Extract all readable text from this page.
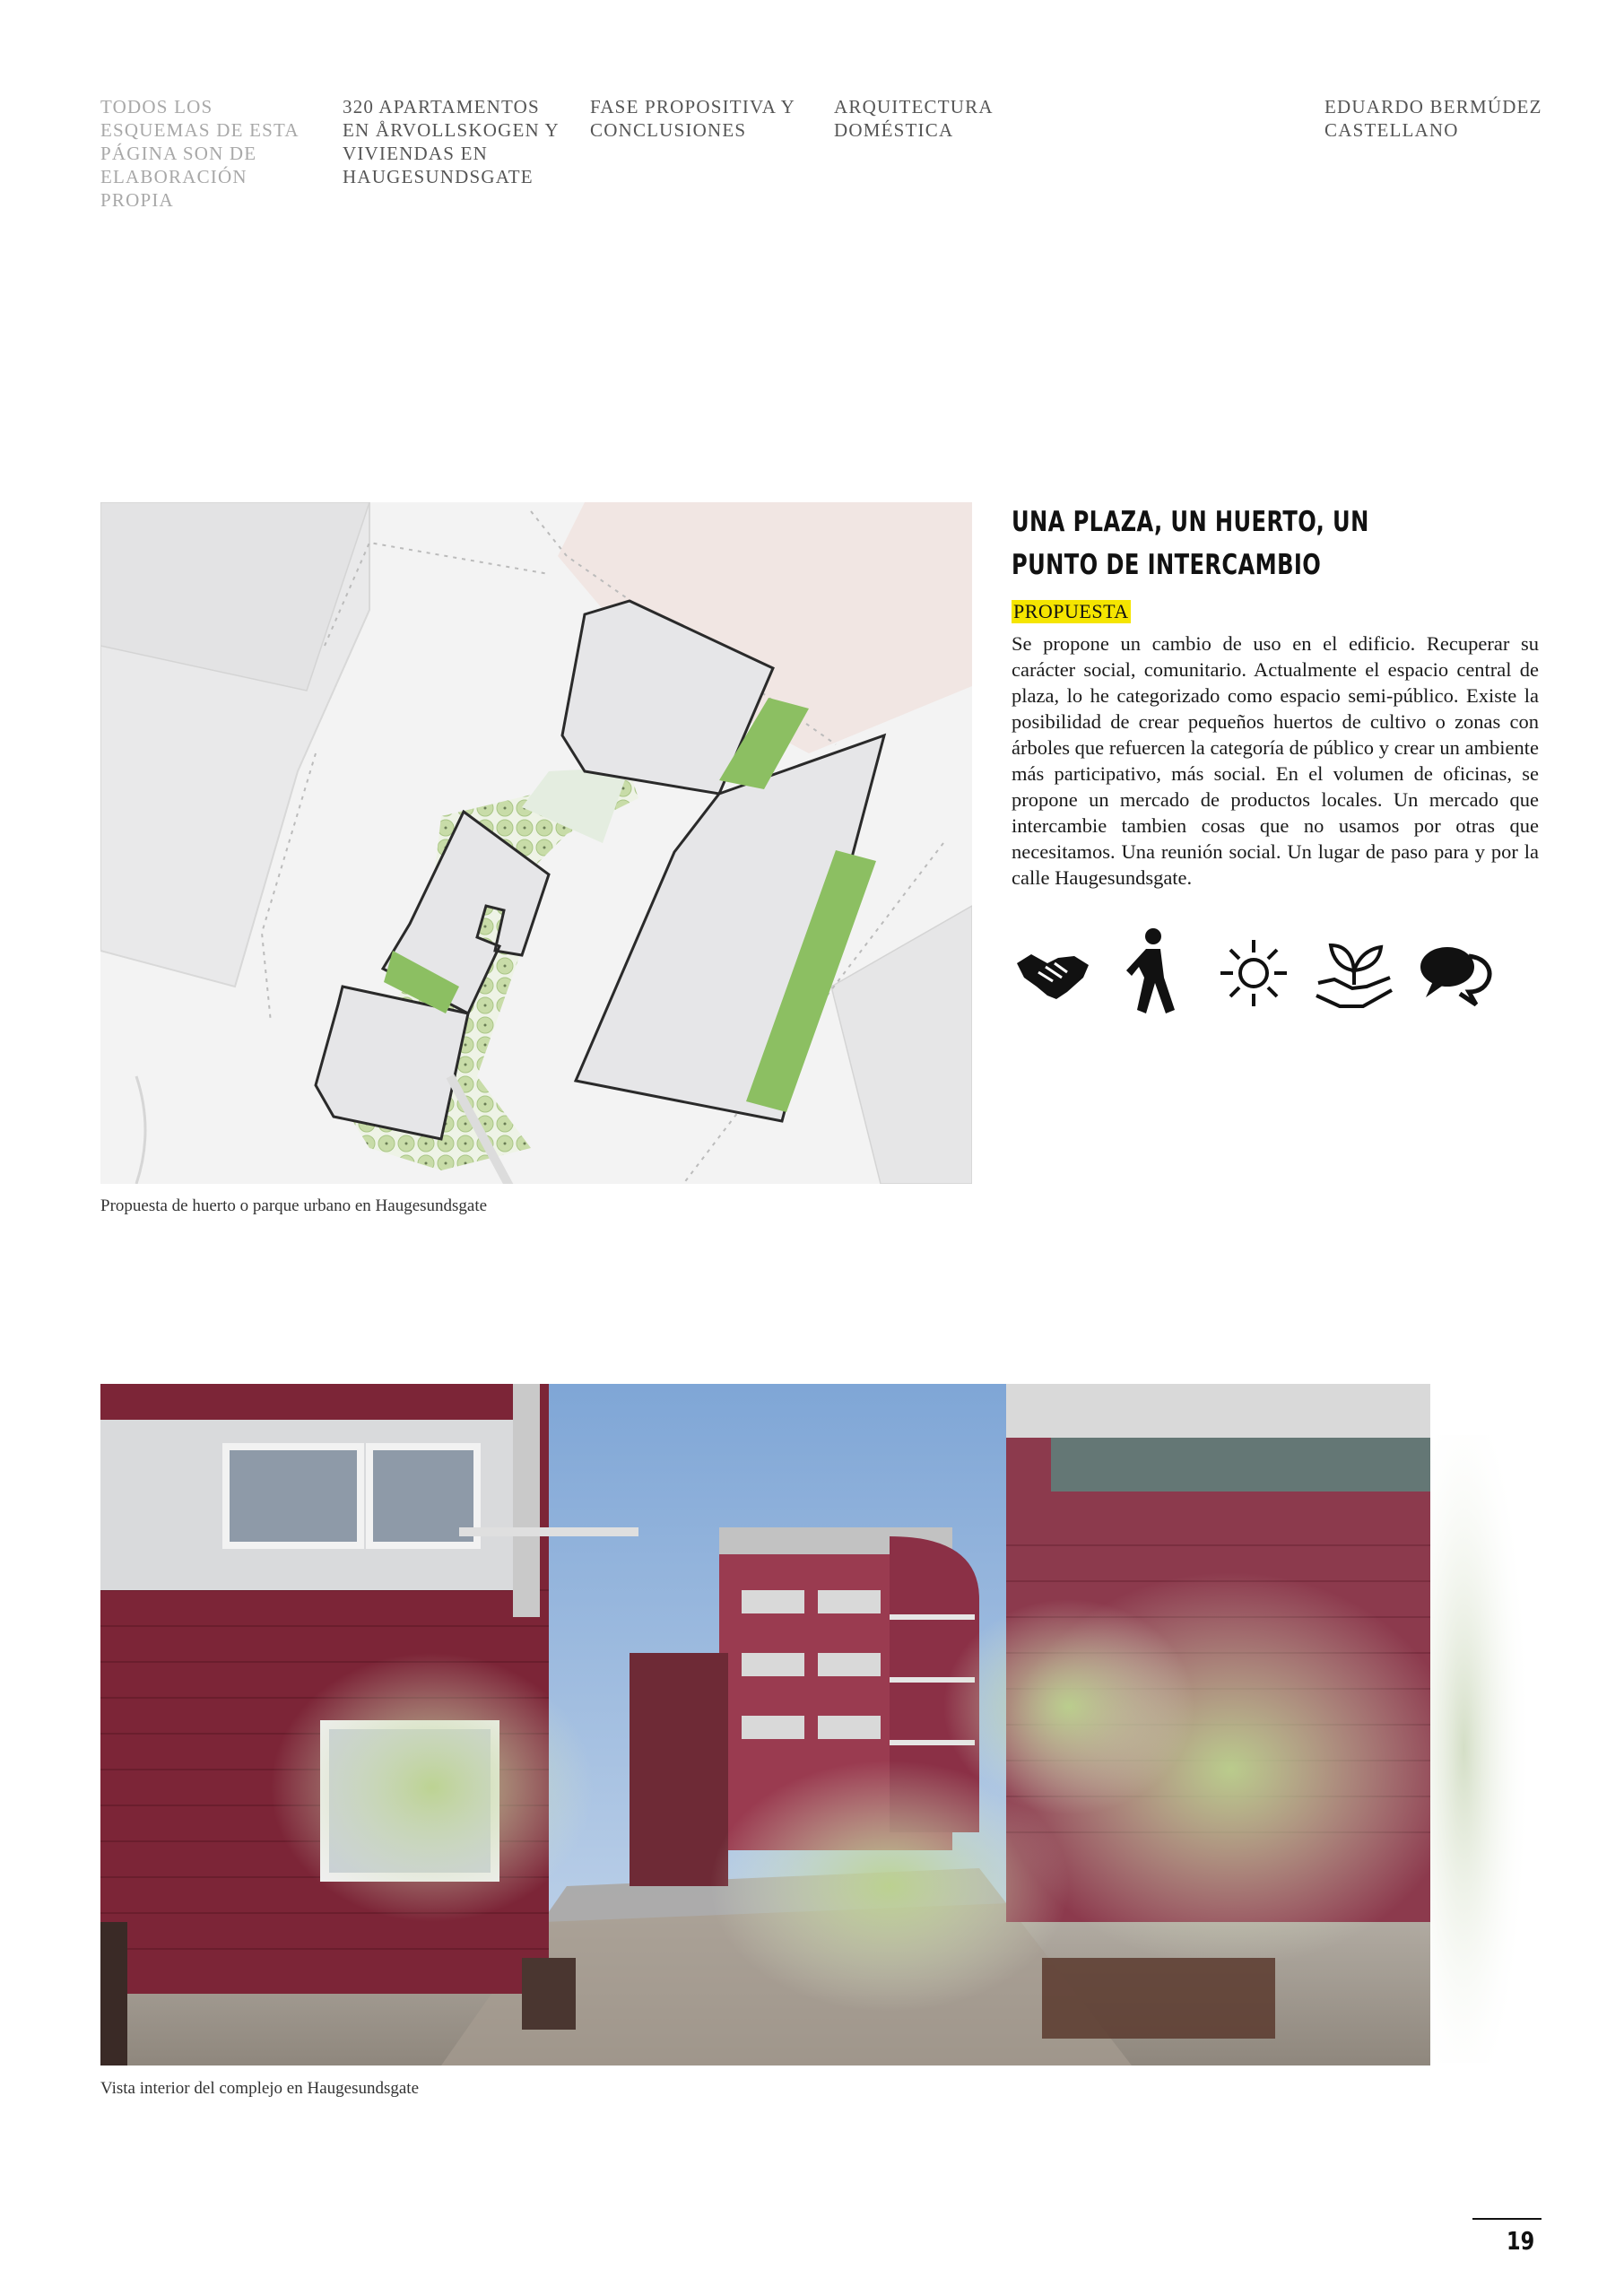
TODOS LOS ESQUEMAS DE ESTA PÁGINA SON DE ELABORACIÓN PROPIA
320 APARTAMENTOS EN ÅRVOLLSKOGEN Y VIVIENDAS EN HAUGESUNDSGATE
FASE PROPOSITIVA Y CONCLUSIONES
ARQUITECTURA DOMÉSTICA
EDUARDO BERMÚDEZ CASTELLANO
Propuesta de huerto o parque urbano en Haugesundsgate
UNA PLAZA, UN HUERTO, UN PUNTO DE INTERCAMBIO
PROPUESTA
Se propone un cambio de uso en el edificio. Recuperar su carácter social, comunitario. Actualmente el espacio central de plaza, lo he categorizado como espacio semi-público. Existe la posibilidad de crear pequeños huertos de cultivo o zonas con árboles que refuercen la categoría de público y crear un ambiente más participativo, más social. En el volumen de oficinas, se propone un mercado de productos locales. Un mercado que intercambie tambien cosas que no usamos por otras que necesitamos. Una reunión social. Un lugar de paso para y por la calle Haugesundsgate.
Vista interior del complejo en Haugesundsgate
19
